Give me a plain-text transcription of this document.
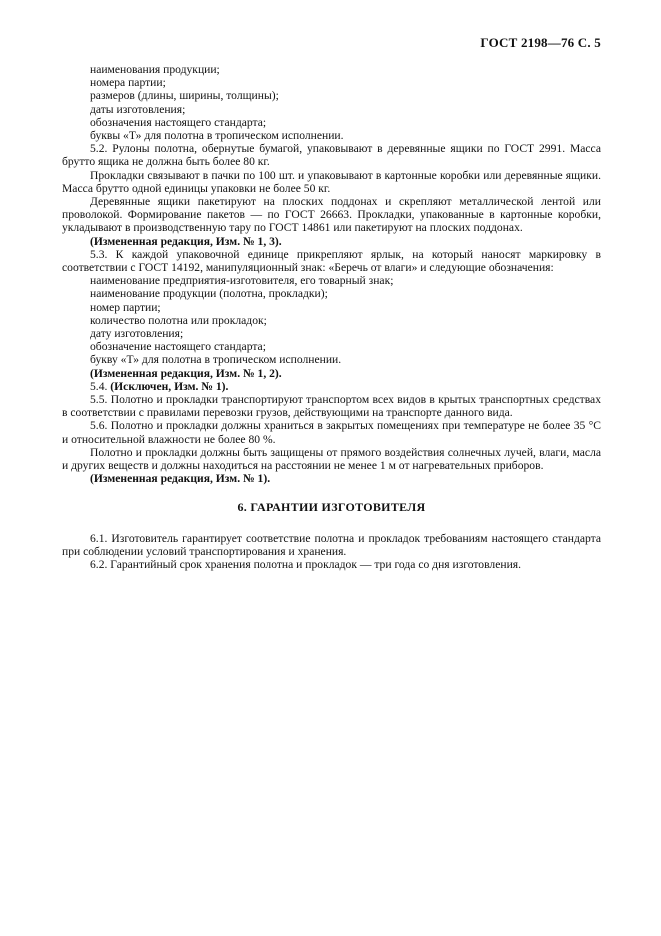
ГОСТ 2198—76 С. 5

наименования продукции;

номера партии;

размеров (длины, ширины, толщины);

даты изготовления;

обозначения настоящего стандарта;

буквы «Т» для полотна в тропическом исполнении.

5.2. Рулоны полотна, обернутые бумагой, упаковывают в деревянные ящики по ГОСТ 2991. Масса брутто ящика не должна быть более 80 кг.

Прокладки связывают в пачки по 100 шт. и упаковывают в картонные коробки или деревянные ящики. Масса брутто одной единицы упаковки не более 50 кг.

Деревянные ящики пакетируют на плоских поддонах и скрепляют металлической лентой или проволокой. Формирование пакетов — по ГОСТ 26663. Прокладки, упакованные в картонные коробки, укладывают в производственную тару по ГОСТ 14861 или пакетируют на плоских поддонах.

(Измененная редакция, Изм. № 1, 3).

5.3. К каждой упаковочной единице прикрепляют ярлык, на который наносят маркировку в соответствии с ГОСТ 14192, манипуляционный знак: «Беречь от влаги» и следующие обозначения:

наименование предприятия-изготовителя, его товарный знак;

наименование продукции (полотна, прокладки);

номер партии;

количество полотна или прокладок;

дату изготовления;

обозначение настоящего стандарта;

букву «Т» для полотна в тропическом исполнении.

(Измененная редакция, Изм. № 1, 2).

5.4. (Исключен, Изм. № 1).

5.5. Полотно и прокладки транспортируют транспортом всех видов в крытых транспортных средствах в соответствии с правилами перевозки грузов, действующими на транспорте данного вида.

5.6. Полотно и прокладки должны храниться в закрытых помещениях при температуре не более 35 °С и относительной влажности не более 80 %.

Полотно и прокладки должны быть защищены от прямого воздействия солнечных лучей, влаги, масла и других веществ и должны находиться на расстоянии не менее 1 м от нагревательных приборов.

(Измененная редакция, Изм. № 1).

6. ГАРАНТИИ ИЗГОТОВИТЕЛЯ

6.1. Изготовитель гарантирует соответствие полотна и прокладок требованиям настоящего стандарта при соблюдении условий транспортирования и хранения.

6.2. Гарантийный срок хранения полотна и прокладок — три года со дня изготовления.
